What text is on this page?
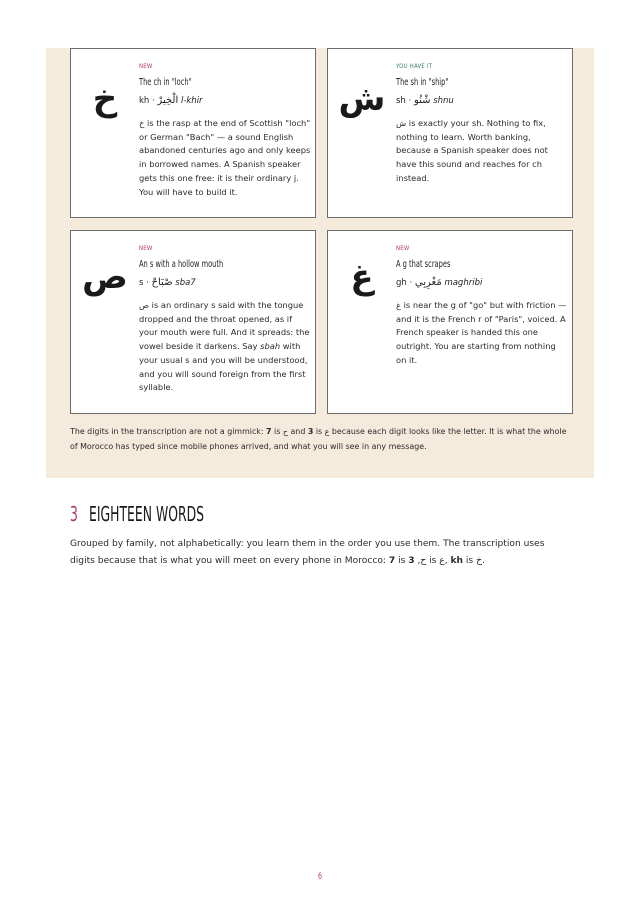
خ
NEW
The ch in "loch"
kh · الْخِيرْ l-khir

خ is the rasp at the end of Scottish "loch" or German "Bach" — a sound English abandoned centuries ago and only keeps in borrowed names. A Spanish speaker gets this one free: it is their ordinary j. You will have to build it.

ش
YOU HAVE IT
The sh in "ship"
sh · شْنُو shnu

ش is exactly your sh. Nothing to fix, nothing to learn. Worth banking, because a Spanish speaker does not have this sound and reaches for ch instead.

ص
NEW
An s with a hollow mouth
s · صْبَاحْ sba7

ص is an ordinary s said with the tongue dropped and the throat opened, as if your mouth were full. And it spreads: the vowel beside it darkens. Say sbah with your usual s and you will be understood, and you will sound foreign from the first syllable.

غ
NEW
A g that scrapes
gh · مَغْرِبِي maghribi

غ is near the g of "go" but with friction — and it is the French r of "Paris", voiced. A French speaker is handed this one outright. You are starting from nothing on it.

The digits in the transcription are not a gimmick: 7 is ح and 3 is ع because each digit looks like the letter. It is what the whole of Morocco has typed since mobile phones arrived, and what you will see in any message.

3 EIGHTEEN WORDS

Grouped by family, not alphabetically: you learn them in the order you use them. The transcription uses digits because that is what you will meet on every phone in Morocco: 7 is ح, 3 is ع, kh is خ.

6
